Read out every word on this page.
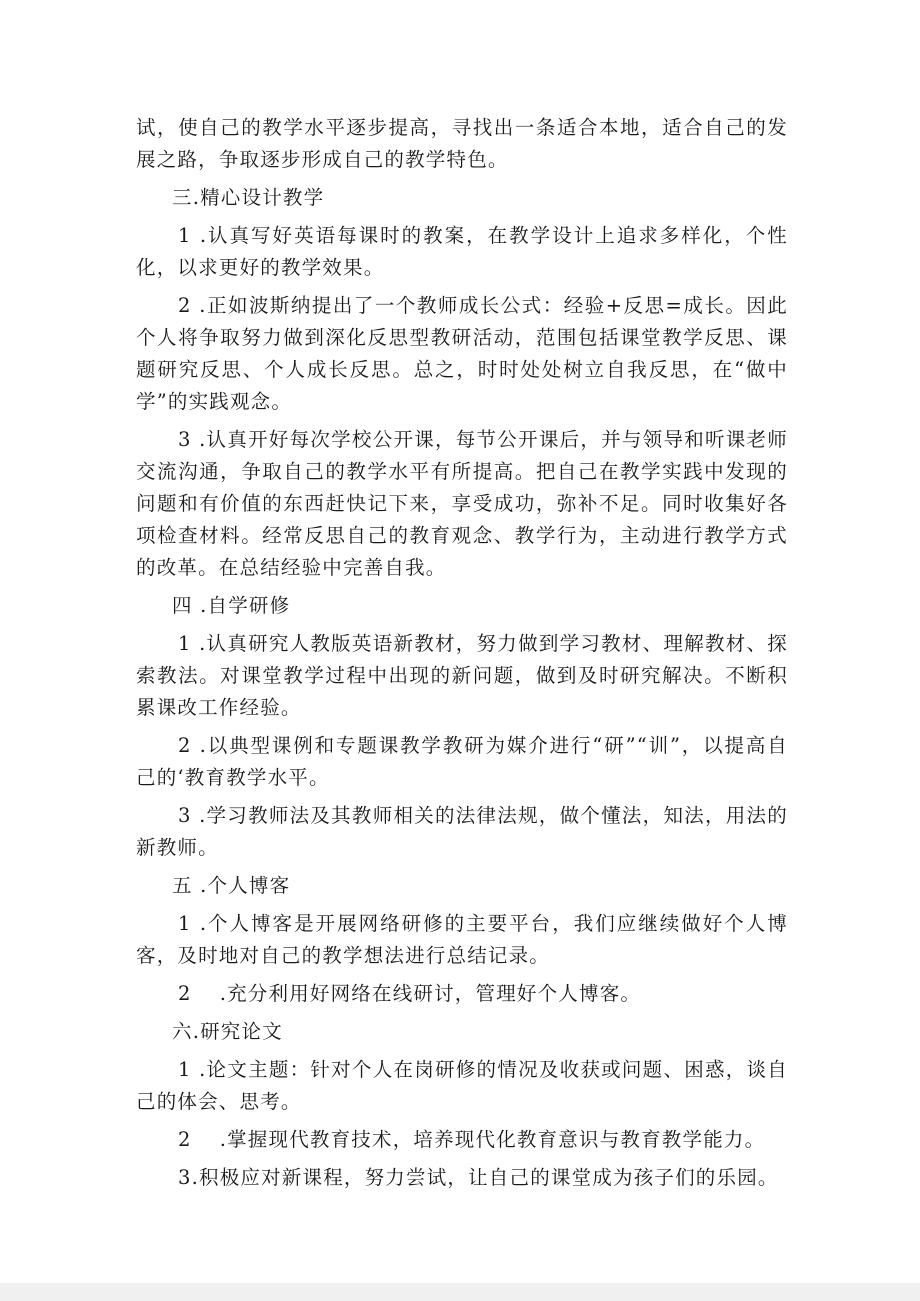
试，使自己的教学水平逐步提高，寻找出一条适合本地，适合自己的发展之路，争取逐步形成自己的教学特色。

三.精心设计教学

1 .认真写好英语每课时的教案，在教学设计上追求多样化，个性化，以求更好的教学效果。

2 .正如波斯纳提出了一个教师成长公式：经验+反思=成长。因此个人将争取努力做到深化反思型教研活动，范围包括课堂教学反思、课题研究反思、个人成长反思。总之，时时处处树立自我反思，在“做中学”的实践观念。

3 .认真开好每次学校公开课，每节公开课后，并与领导和听课老师交流沟通，争取自己的教学水平有所提高。把自己在教学实践中发现的问题和有价值的东西赶快记下来，享受成功，弥补不足。同时收集好各项检查材料。经常反思自己的教育观念、教学行为，主动进行教学方式的改革。在总结经验中完善自我。

四 .自学研修

1 .认真研究人教版英语新教材，努力做到学习教材、理解教材、探索教法。对课堂教学过程中出现的新问题，做到及时研究解决。不断积累课改工作经验。

2 .以典型课例和专题课教学教研为媒介进行“研”“训”，以提高自己的‘教育教学水平。

3 .学习教师法及其教师相关的法律法规，做个懂法，知法，用法的新教师。

五 .个人博客

1 .个人博客是开展网络研修的主要平台，我们应继续做好个人博客，及时地对自己的教学想法进行总结记录。

2　 .充分利用好网络在线研讨，管理好个人博客。

六.研究论文

1 .论文主题：针对个人在岗研修的情况及收获或问题、困惑，谈自己的体会、思考。

2　 .掌握现代教育技术，培养现代化教育意识与教育教学能力。

3.积极应对新课程，努力尝试，让自己的课堂成为孩子们的乐园。
